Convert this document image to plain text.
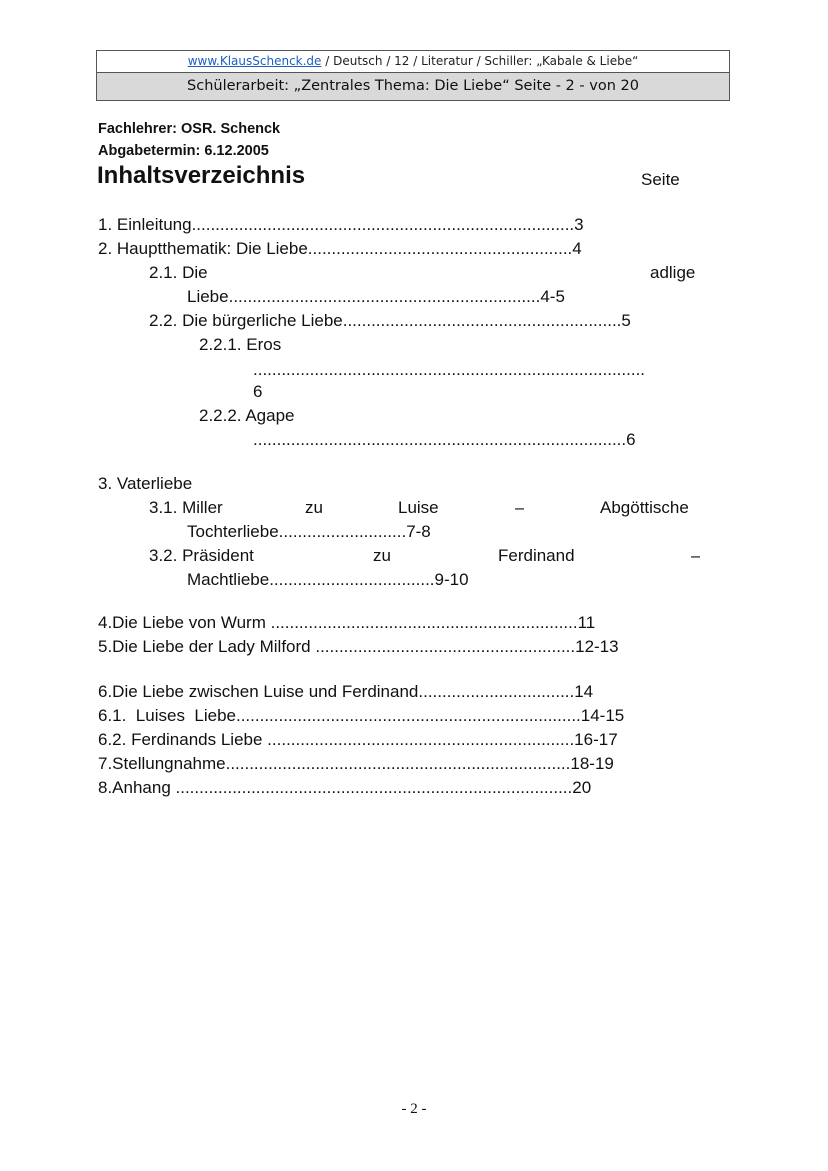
www.KlausSchenck.de / Deutsch / 12 / Literatur / Schiller: „Kabale & Liebe“
Schülerarbeit: „Zentrales Thema: Die Liebe“ Seite - 2 - von 20
Fachlehrer: OSR. Schenck
Abgabetermin: 6.12.2005
Inhaltsverzeichnis	Seite
1. Einleitung.................................................................................3
2. Hauptthematik: Die Liebe........................................................4
2.1. Die	adlige
Liebe..................................................................4-5
2.2. Die bürgerliche Liebe...........................................................5
2.2.1. Eros
...................................................................................
6
2.2.2. Agape
...............................................................................6
3. Vaterliebe
3.1. Miller	zu	Luise	–	Abgöttische
Tochterliebe...........................7-8
3.2. Präsident	zu	Ferdinand	–
Machtliebe...................................9-10
4.Die Liebe von Wurm .................................................................11
5.Die Liebe der Lady Milford .......................................................12-13
6.Die Liebe zwischen Luise und Ferdinand.................................14
6.1.  Luises  Liebe.........................................................................14-15
6.2. Ferdinands Liebe .................................................................16-17
7.Stellungnahme.........................................................................18-19
8.Anhang ....................................................................................20
- 2 -
